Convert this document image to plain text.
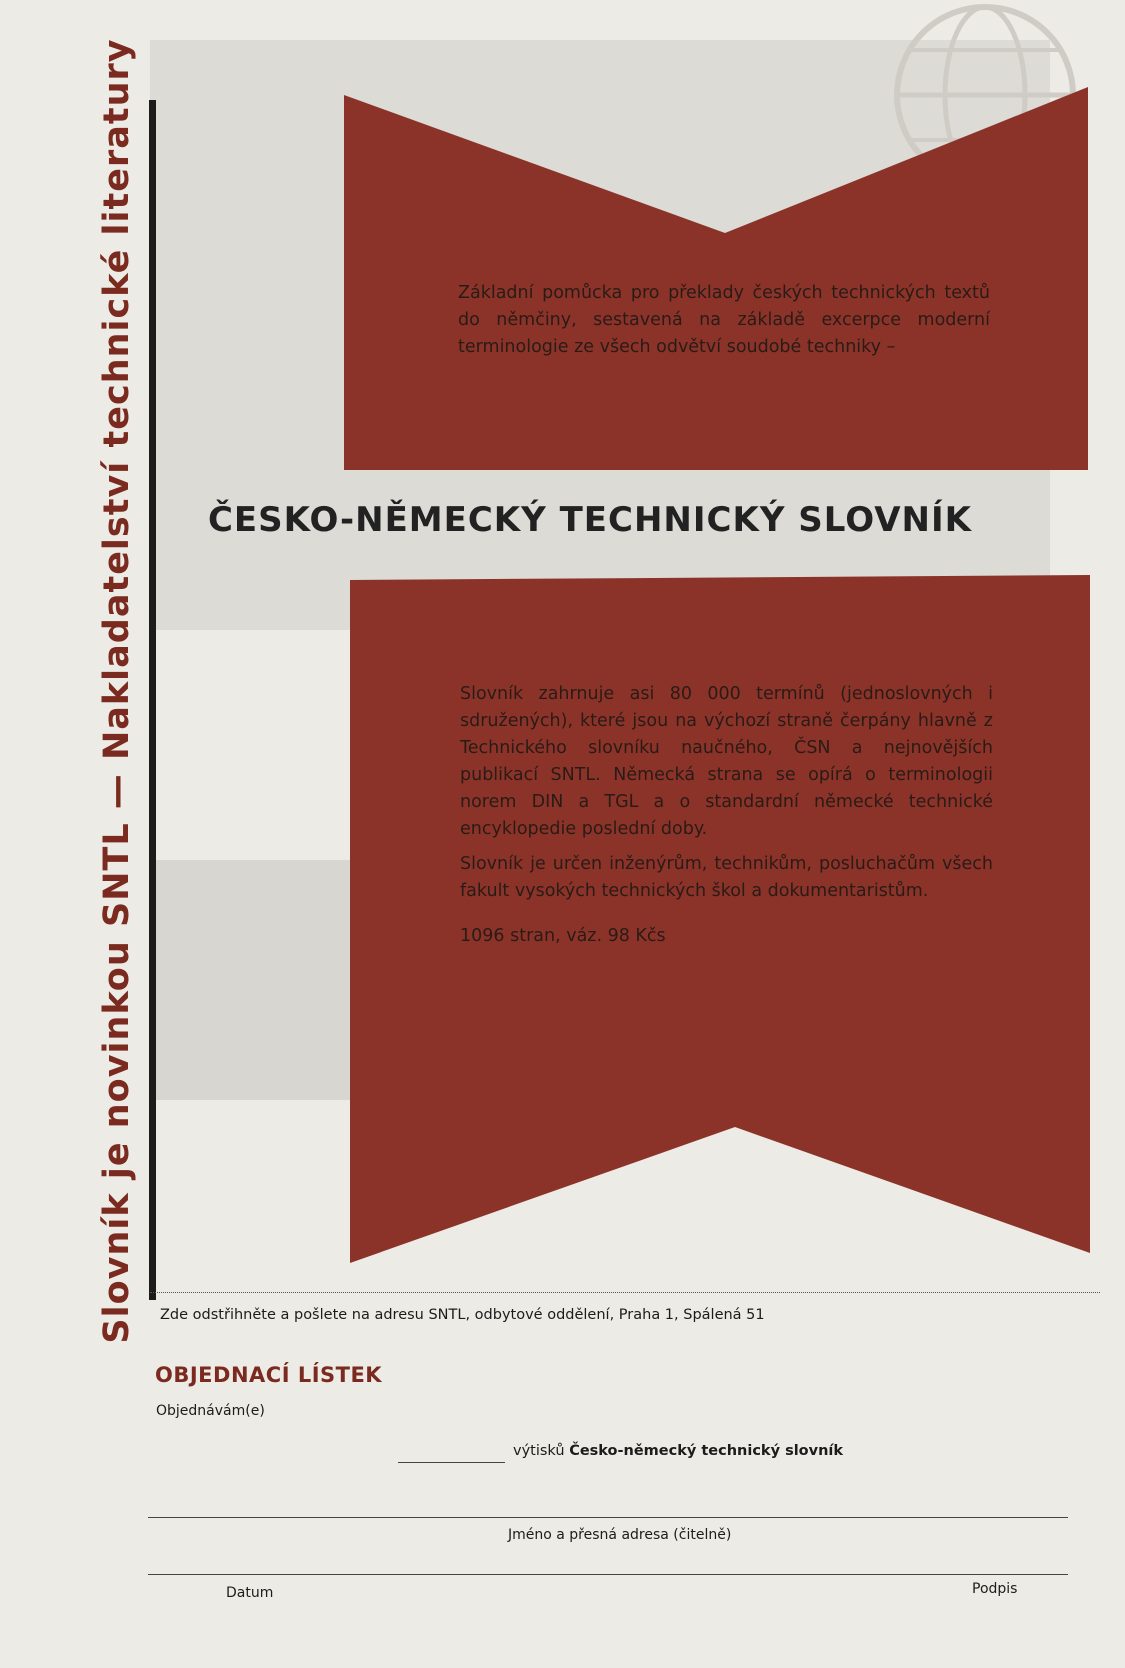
Slovník je novinkou SNTL — Nakladatelství technické literatury	Základní pomůcka pro překlady českých technických textů do němčiny, sestavená na základě excerpce moderní terminologie ze všech odvětví soudobé techniky –
ČESKO-NĚMECKÝ TECHNICKÝ SLOVNÍK

Slovník zahrnuje asi 80 000 termínů (jednoslovných i sdružených), které jsou na výchozí straně čerpány hlavně z Technického slovníku naučného, ČSN a nejnovějších publikací SNTL. Německá strana se opírá o terminologii norem DIN a TGL a o standardní německé technické encyklopedie poslední doby.

Slovník je určen inženýrům, technikům, posluchačům všech fakult vysokých technických škol a dokumentaristům.

1096 stran, váz. 98 Kčs

Zde odstřihněte a pošlete na adresu SNTL, odbytové oddělení, Praha 1, Spálená 51
OBJEDNACÍ LÍSTEK
Objednávám(e)
výtisků Česko-německý technický slovník
Jméno a přesná adresa (čitelně)
Datum	Podpis
